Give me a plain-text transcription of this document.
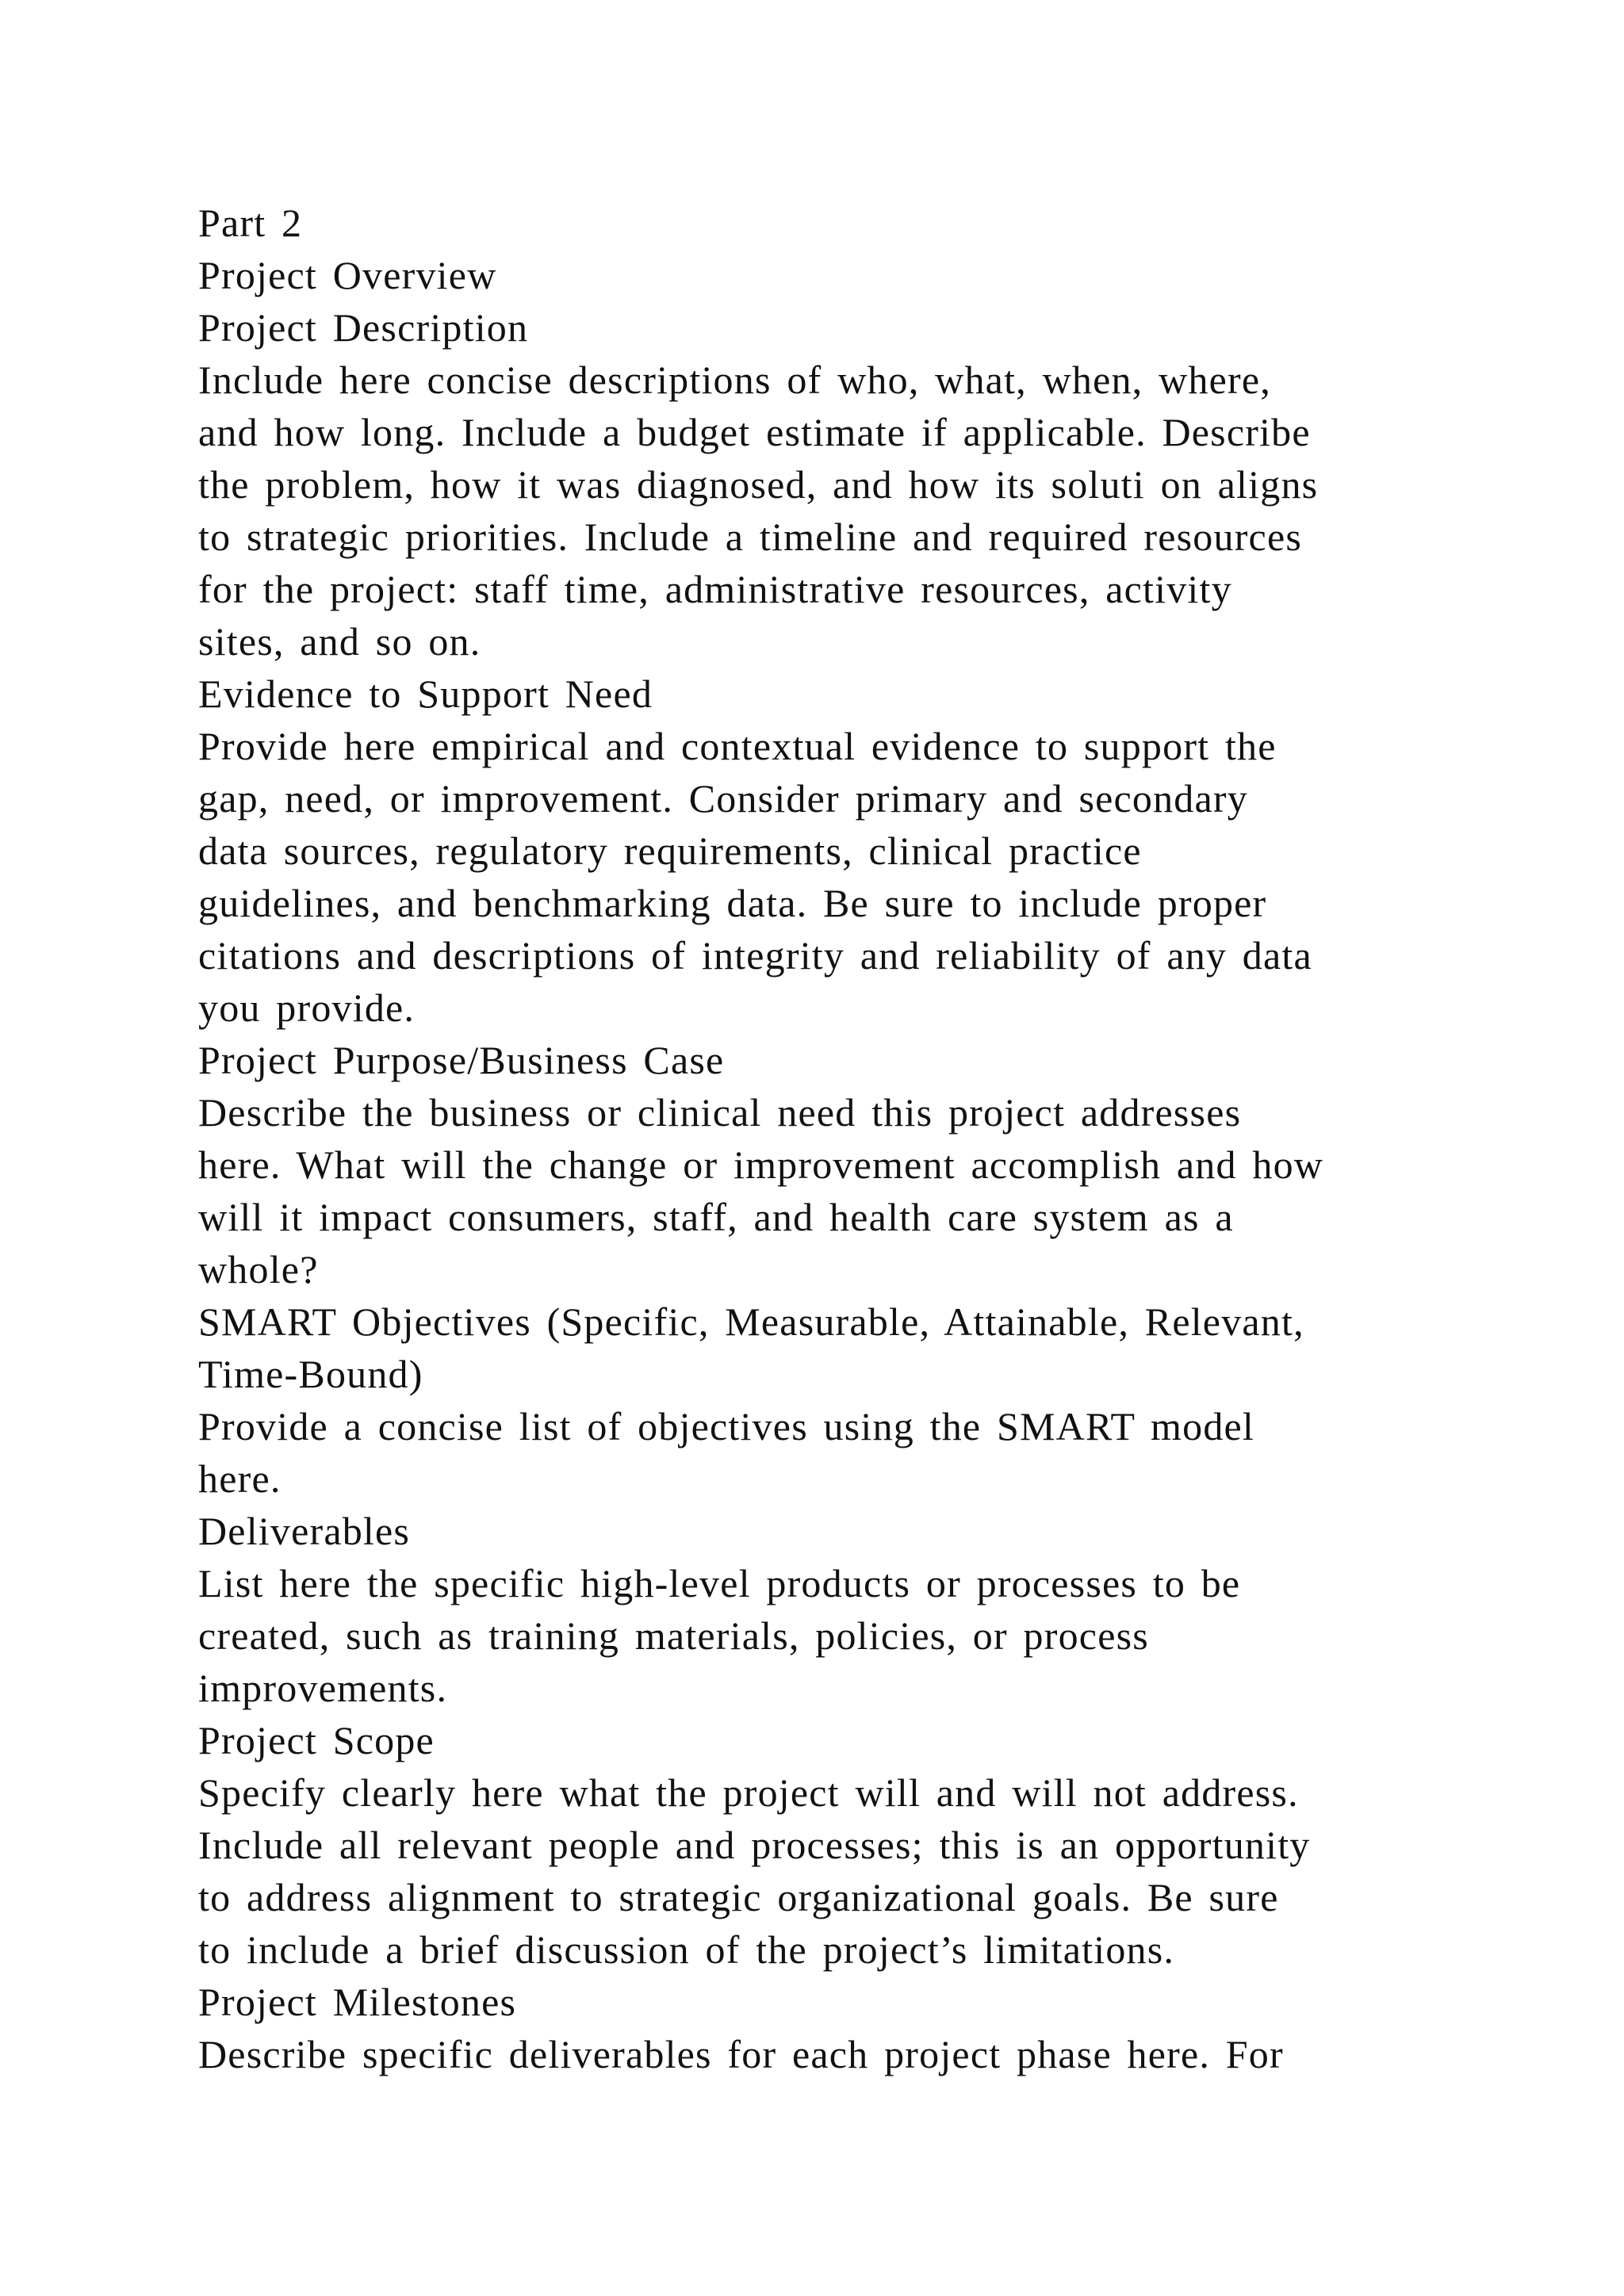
Part 2
Project Overview
Project Description
Include here concise descriptions of who, what, when, where,
and how long. Include a budget estimate if applicable. Describe
the problem, how it was diagnosed, and how its soluti on aligns
to strategic priorities. Include a timeline and required resources
for the project: staff time, administrative resources, activity
sites, and so on.
Evidence to Support Need
Provide here empirical and contextual evidence to support the
gap, need, or improvement. Consider primary and secondary
data sources, regulatory requirements, clinical practice
guidelines, and benchmarking data. Be sure to include proper
citations and descriptions of integrity and reliability of any data
you provide.
Project Purpose/Business Case
Describe the business or clinical need this project addresses
here. What will the change or improvement accomplish and how
will it impact consumers, staff, and health care system as a
whole?
SMART Objectives (Specific, Measurable, Attainable, Relevant,
Time-Bound)
Provide a concise list of objectives using the SMART model
here.
Deliverables
List here the specific high-level products or processes to be
created, such as training materials, policies, or process
improvements.
Project Scope
Specify clearly here what the project will and will not address.
Include all relevant people and processes; this is an opportunity
to address alignment to strategic organizational goals. Be sure
to include a brief discussion of the project’s limitations.
Project Milestones
Describe specific deliverables for each project phase here. For
